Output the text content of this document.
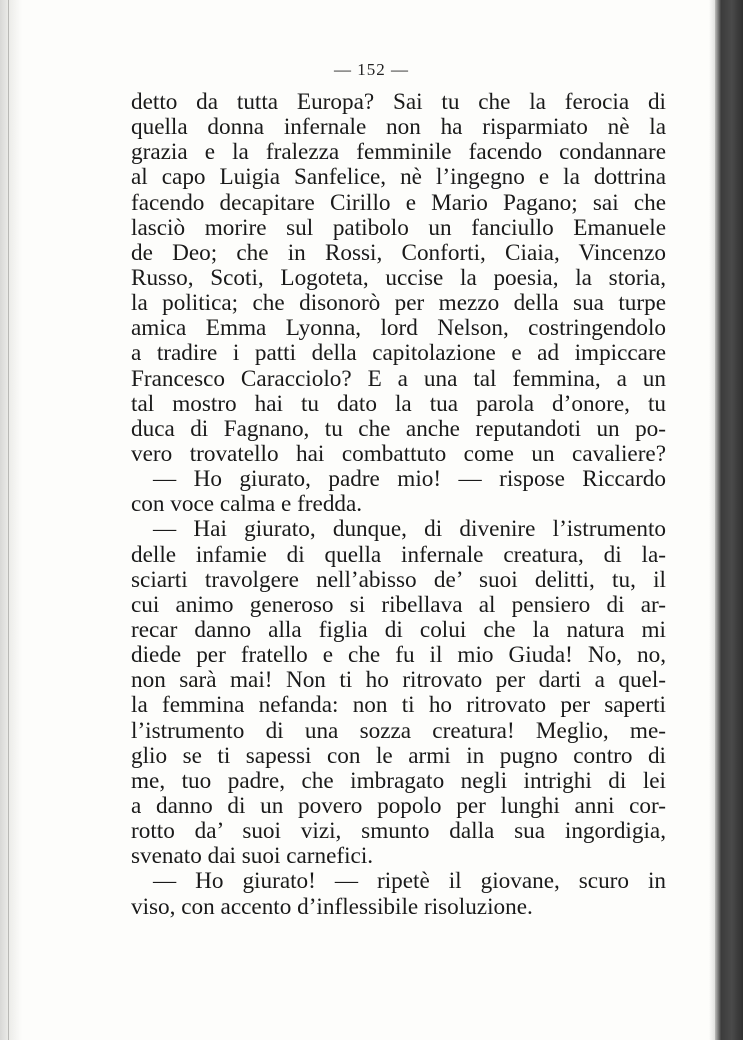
— 152 —
detto da tutta Europa? Sai tu che la ferocia di
quella donna infernale non ha risparmiato nè la
grazia e la fralezza femminile facendo condannare
al capo Luigia Sanfelice, nè l’ingegno e la dottrina
facendo decapitare Cirillo e Mario Pagano; sai che
lasciò morire sul patibolo un fanciullo Emanuele
de Deo; che in Rossi, Conforti, Ciaia, Vincenzo
Russo, Scoti, Logoteta, uccise la poesia, la storia,
la politica; che disonorò per mezzo della sua turpe
amica Emma Lyonna, lord Nelson, costringendolo
a tradire i patti della capitolazione e ad impiccare
Francesco Caracciolo? E a una tal femmina, a un
tal mostro hai tu dato la tua parola d’onore, tu
duca di Fagnano, tu che anche reputandoti un po-
vero trovatello hai combattuto come un cavaliere?
— Ho giurato, padre mio! — rispose Riccardo
con voce calma e fredda.
— Hai giurato, dunque, di divenire l’istrumento
delle infamie di quella infernale creatura, di la-
sciarti travolgere nell’abisso de’ suoi delitti, tu, il
cui animo generoso si ribellava al pensiero di ar-
recar danno alla figlia di colui che la natura mi
diede per fratello e che fu il mio Giuda! No, no,
non sarà mai! Non ti ho ritrovato per darti a quel-
la femmina nefanda: non ti ho ritrovato per saperti
l’istrumento di una sozza creatura! Meglio, me-
glio se ti sapessi con le armi in pugno contro di
me, tuo padre, che imbragato negli intrighi di lei
a danno di un povero popolo per lunghi anni cor-
rotto da’ suoi vizi, smunto dalla sua ingordigia,
svenato dai suoi carnefici.
— Ho giurato! — ripetè il giovane, scuro in
viso, con accento d’inflessibile risoluzione.
